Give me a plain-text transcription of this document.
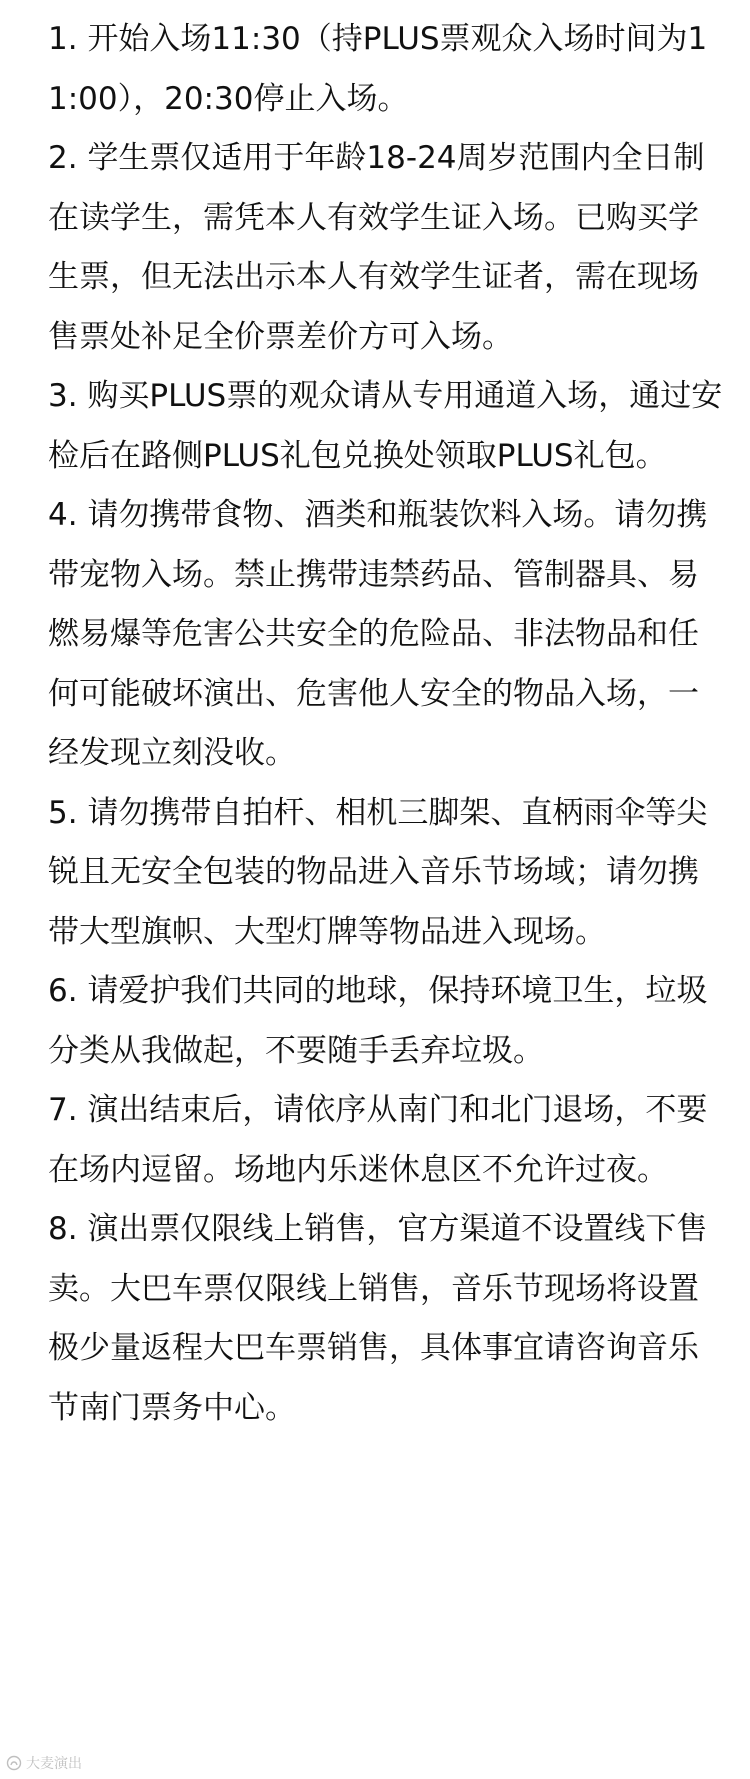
1. 开始入场11:30（持PLUS票观众入场时间为11:00），20:30停止入场。

2. 学生票仅适用于年龄18-24周岁范围内全日制在读学生，需凭本人有效学生证入场。已购买学生票，但无法出示本人有效学生证者，需在现场售票处补足全价票差价方可入场。

3. 购买PLUS票的观众请从专用通道入场，通过安检后在路侧PLUS礼包兑换处领取PLUS礼包。

4. 请勿携带食物、酒类和瓶装饮料入场。请勿携带宠物入场。禁止携带违禁药品、管制器具、易燃易爆等危害公共安全的危险品、非法物品和任何可能破坏演出、危害他人安全的物品入场，一经发现立刻没收。

5. 请勿携带自拍杆、相机三脚架、直柄雨伞等尖锐且无安全包装的物品进入音乐节场域；请勿携带大型旗帜、大型灯牌等物品进入现场。

6. 请爱护我们共同的地球，保持环境卫生，垃圾分类从我做起，不要随手丢弃垃圾。

7. 演出结束后，请依序从南门和北门退场，不要在场内逗留。场地内乐迷休息区不允许过夜。

8. 演出票仅限线上销售，官方渠道不设置线下售卖。大巴车票仅限线上销售，音乐节现场将设置极少量返程大巴车票销售，具体事宜请咨询音乐节南门票务中心。

大麦演出
